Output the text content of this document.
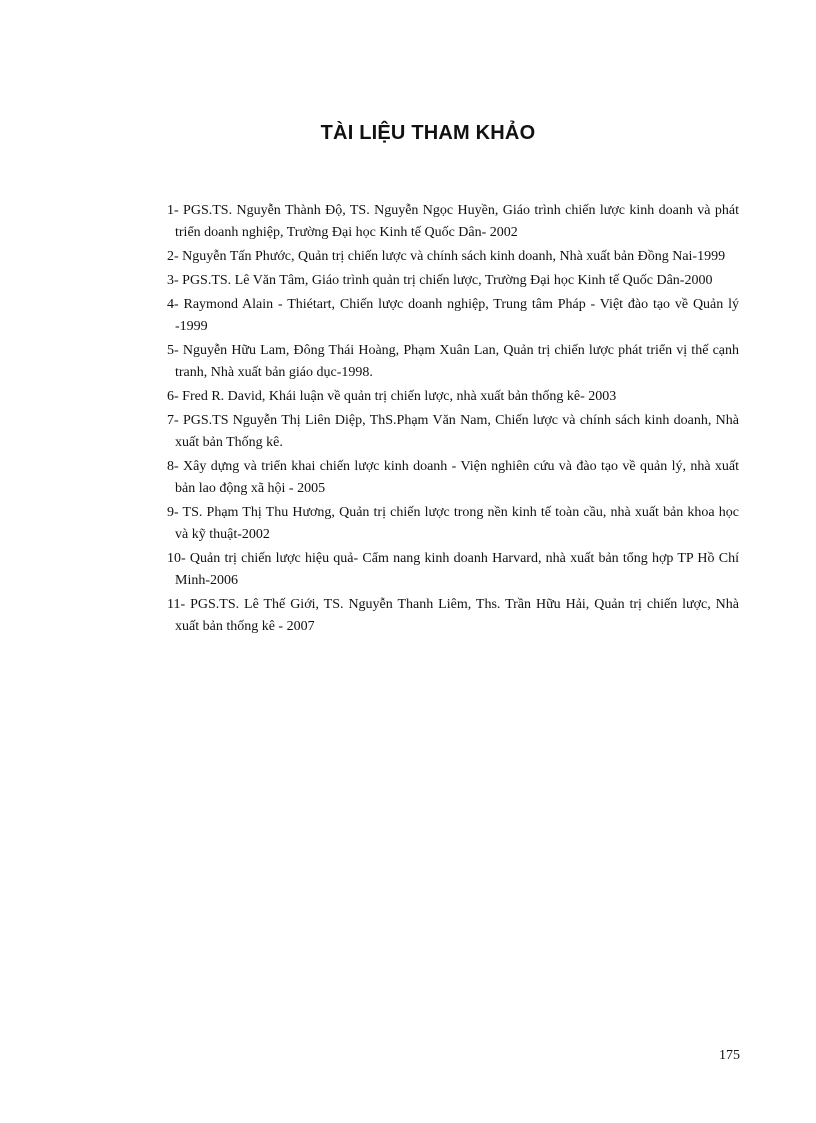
TÀI LIỆU THAM KHẢO
1- PGS.TS. Nguyễn Thành Độ, TS. Nguyễn Ngọc Huyền, Giáo trình chiến lược kinh doanh và phát triển doanh nghiệp, Trường Đại học Kinh tế Quốc Dân- 2002
2- Nguyễn Tấn Phước, Quản trị chiến lược và chính sách kinh doanh, Nhà xuất bản Đồng Nai-1999
3- PGS.TS. Lê Văn Tâm, Giáo trình quản trị chiến lược, Trường Đại học Kinh tế Quốc Dân-2000
4- Raymond Alain - Thiétart, Chiến lược doanh nghiệp, Trung tâm Pháp - Việt đào tạo về Quản lý -1999
5- Nguyễn Hữu Lam, Đông Thái Hoàng, Phạm Xuân Lan, Quản trị chiến lược phát triển vị thế cạnh tranh, Nhà xuất bản giáo dục-1998.
6- Fred R. David, Khái luận về quản trị chiến lược, nhà xuất bản thống kê- 2003
7- PGS.TS Nguyễn Thị Liên Diệp, ThS.Phạm Văn Nam, Chiến lược và chính sách kinh doanh, Nhà xuất bản Thống kê.
8- Xây dựng và triển khai chiến lược kinh doanh - Viện nghiên cứu và đào tạo về quản lý, nhà xuất bản lao động xã hội - 2005
9- TS. Phạm Thị Thu Hương, Quản trị chiến lược trong nền kinh tế toàn cầu, nhà xuất bản khoa học và kỹ thuật-2002
10- Quản trị chiến lược hiệu quả- Cẩm nang kinh doanh Harvard, nhà xuất bản tổng hợp TP Hồ Chí Minh-2006
11- PGS.TS. Lê Thế Giới, TS. Nguyễn Thanh Liêm, Ths. Trần Hữu Hải, Quản trị chiến lược, Nhà xuất bản thống kê - 2007
175
